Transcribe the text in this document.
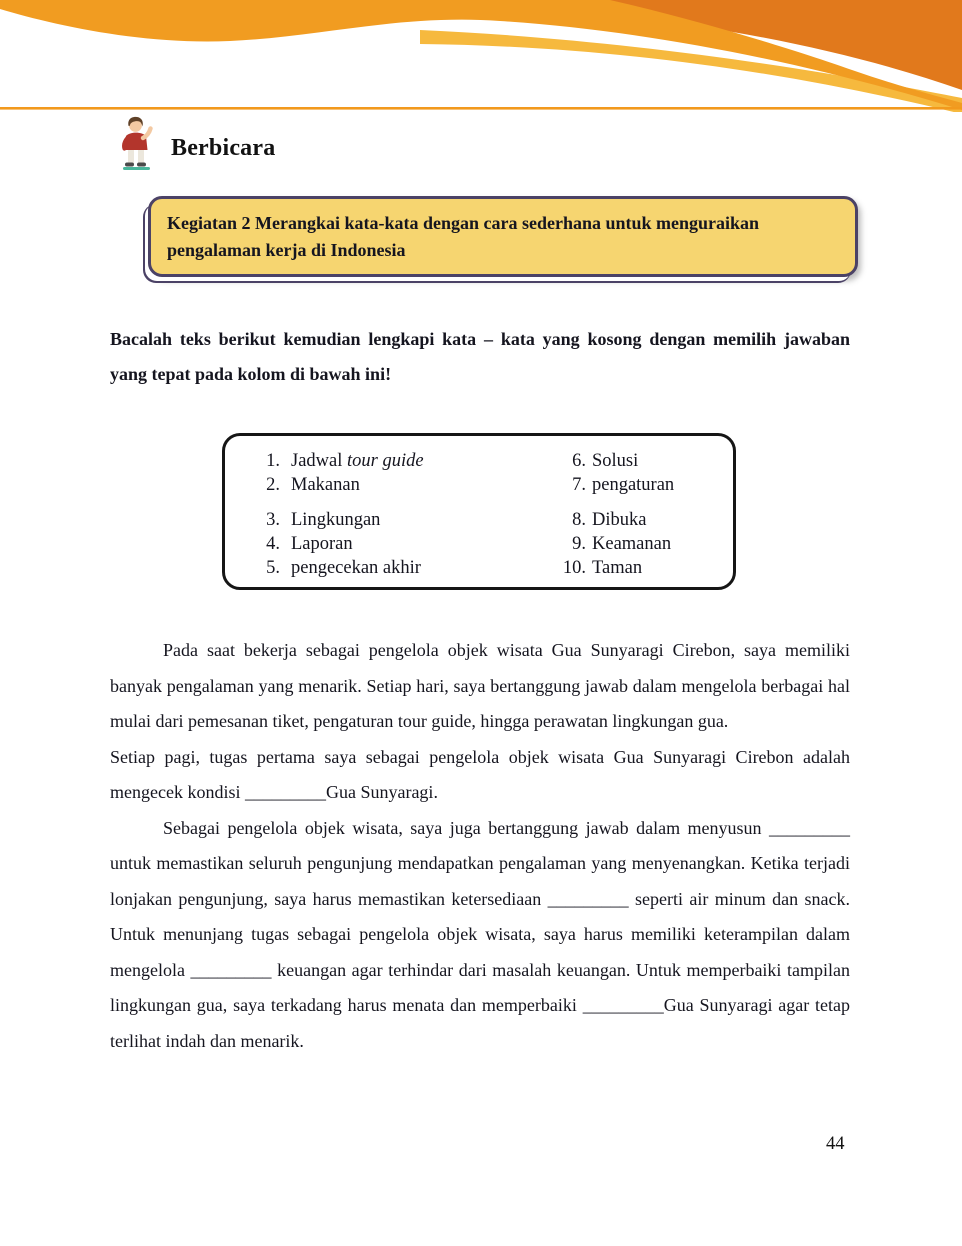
Berbicara
Kegiatan 2 Merangkai kata-kata dengan cara sederhana untuk menguraikan pengalaman kerja di Indonesia
Bacalah teks berikut kemudian lengkapi kata – kata yang kosong dengan memilih jawaban yang tepat pada kolom di bawah ini!
1. Jadwal tour guide
2. Makanan
3. Lingkungan
4. Laporan
5. pengecekan akhir
6. Solusi
7. pengaturan
8. Dibuka
9. Keamanan
10. Taman

Pada saat bekerja sebagai pengelola objek wisata Gua Sunyaragi Cirebon, saya memiliki banyak pengalaman yang menarik. Setiap hari, saya bertanggung jawab dalam mengelola berbagai hal mulai dari pemesanan tiket, pengaturan tour guide, hingga perawatan lingkungan gua.

Setiap pagi, tugas pertama saya sebagai pengelola objek wisata Gua Sunyaragi Cirebon adalah mengecek kondisi _________Gua Sunyaragi.

Sebagai pengelola objek wisata, saya juga bertanggung jawab dalam menyusun _________ untuk memastikan seluruh pengunjung mendapatkan pengalaman yang menyenangkan. Ketika terjadi lonjakan pengunjung, saya harus memastikan ketersediaan _________ seperti air minum dan snack. Untuk menunjang tugas sebagai pengelola objek wisata, saya harus memiliki keterampilan dalam mengelola _________ keuangan agar terhindar dari masalah keuangan. Untuk memperbaiki tampilan lingkungan gua, saya terkadang harus menata dan memperbaiki _________Gua Sunyaragi agar tetap terlihat indah dan menarik.

44
